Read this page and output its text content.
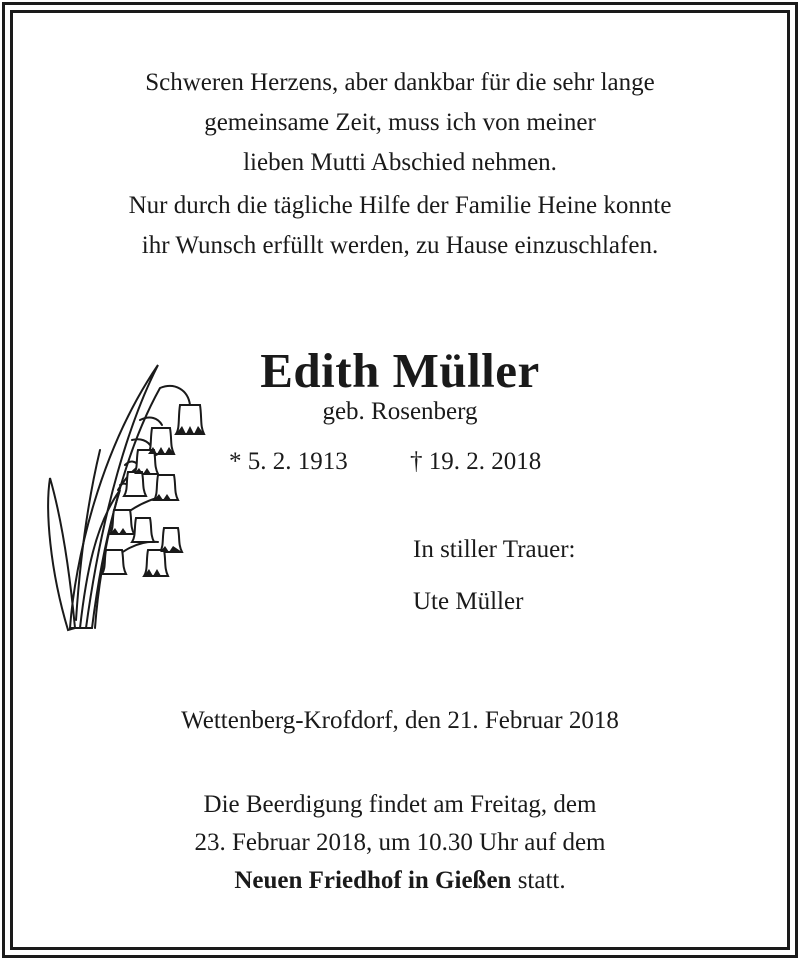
Schweren Herzens, aber dankbar für die sehr lange
gemeinsame Zeit, muss ich von meiner
lieben Mutti Abschied nehmen.

Nur durch die tägliche Hilfe der Familie Heine konnte
ihr Wunsch erfüllt werden, zu Hause einzuschlafen.

Edith Müller
geb. Rosenberg
* 5. 2. 1913 † 19. 2. 2018
In stiller Trauer:
Ute Müller
Wettenberg-Krofdorf, den 21. Februar 2018
Die Beerdigung findet am Freitag, dem
23. Februar 2018, um 10.30 Uhr auf dem
Neuen Friedhof in Gießen statt.
